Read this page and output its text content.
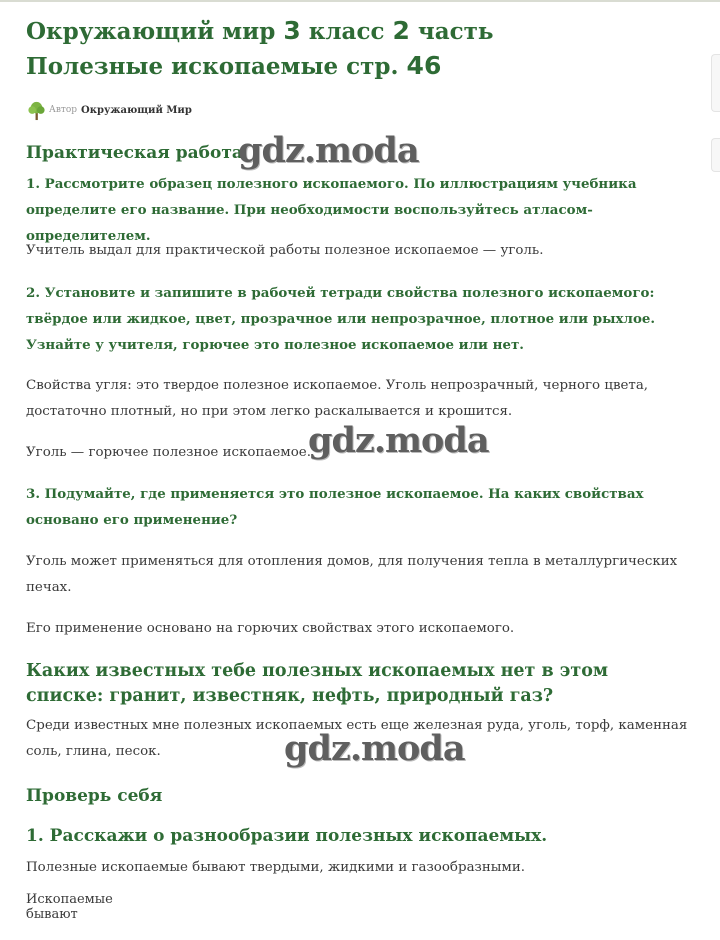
Окружающий мир 3 класс 2 часть Полезные ископаемые стр. 46
Автор Окружающий Мир
Практическая работа
gdz.moda

1. Рассмотрите образец полезного ископаемого. По иллюстрациям учебника определите его название. При необходимости воспользуйтесь атласом-определителем.

Учитель выдал для практической работы полезное ископаемое — уголь.

2. Установите и запишите в рабочей тетради свойства полезного ископаемого: твёрдое или жидкое, цвет, прозрачное или непрозрачное, плотное или рыхлое. Узнайте у учителя, горючее это полезное ископаемое или нет.

Свойства угля: это твердое полезное ископаемое. Уголь непрозрачный, черного цвета, достаточно плотный, но при этом легко раскалывается и крошится.

Уголь — горючее полезное ископаемое.

gdz.moda

3. Подумайте, где применяется это полезное ископаемое. На каких свойствах основано его применение?

Уголь может применяться для отопления домов, для получения тепла в металлургических печах.

Его применение основано на горючих свойствах этого ископаемого.

Каких известных тебе полезных ископаемых нет в этом списке: гранит, известняк, нефть, природный газ?

Среди известных мне полезных ископаемых есть еще железная руда, уголь, торф, каменная соль, глина, песок.	gdz.moda
Проверь себя
1. Расскажи о разнообразии полезных ископаемых.

Полезные ископаемые бывают твердыми, жидкими и газообразными.

Ископаемые бывают
